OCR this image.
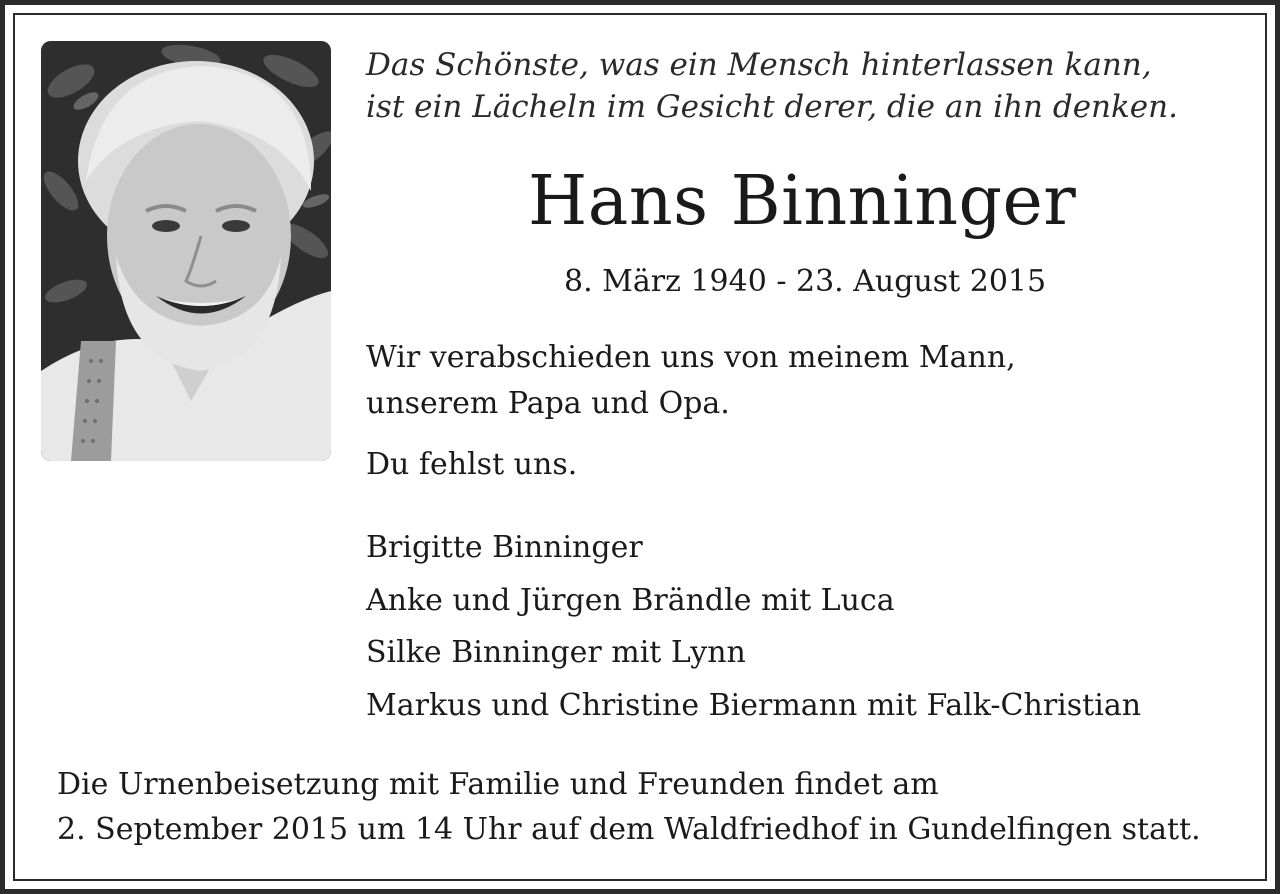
Das Schönste, was ein Mensch hinterlassen kann,
ist ein Lächeln im Gesicht derer, die an ihn denken.
Hans Binninger
8. März 1940 - 23. August 2015
Wir verabschieden uns von meinem Mann,
unserem Papa und Opa.
Du fehlst uns.
Brigitte Binninger
Anke und Jürgen Brändle mit Luca
Silke Binninger mit Lynn
Markus und Christine Biermann mit Falk-Christian
Die Urnenbeisetzung mit Familie und Freunden findet am
2. September 2015 um 14 Uhr auf dem Waldfriedhof in Gundelfingen statt.
